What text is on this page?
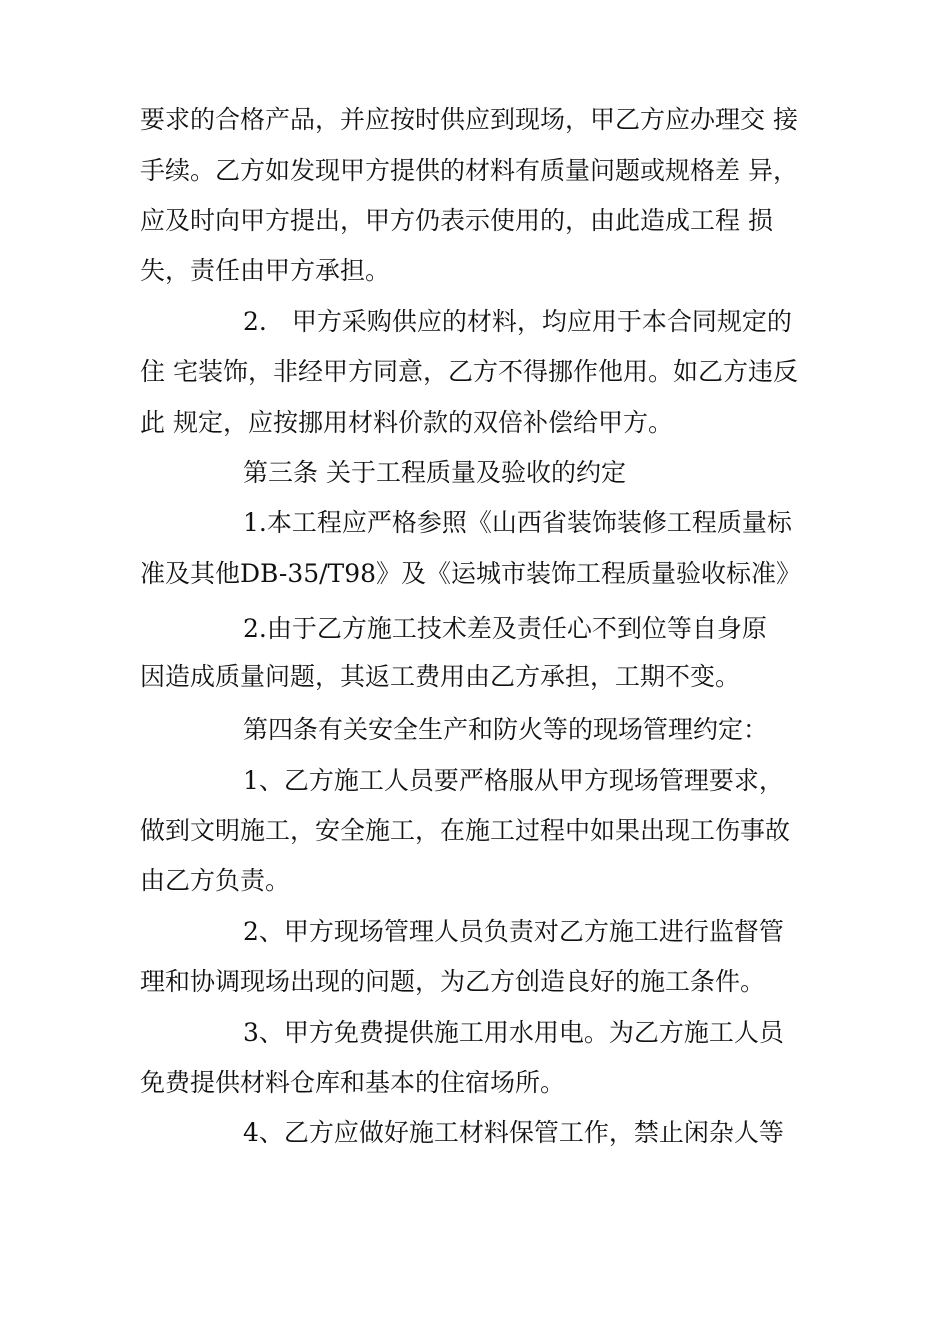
要求的合格产品，并应按时供应到现场，甲乙方应办理交 接
手续。乙方如发现甲方提供的材料有质量问题或规格差 异，
应及时向甲方提出，甲方仍表示使用的，由此造成工程 损
失，责任由甲方承担。
2.　甲方采购供应的材料，均应用于本合同规定的
住 宅装饰，非经甲方同意，乙方不得挪作他用。如乙方违反
此 规定，应按挪用材料价款的双倍补偿给甲方。
第三条 关于工程质量及验收的约定
1.本工程应严格参照《山西省装饰装修工程质量标
准及其他DB-35/T98》及《运城市装饰工程质量验收标准》
2.由于乙方施工技术差及责任心不到位等自身原
因造成质量问题，其返工费用由乙方承担，工期不变。
第四条有关安全生产和防火等的现场管理约定：
1、乙方施工人员要严格服从甲方现场管理要求，
做到文明施工，安全施工，在施工过程中如果出现工伤事故
由乙方负责。
2、甲方现场管理人员负责对乙方施工进行监督管
理和协调现场出现的问题，为乙方创造良好的施工条件。
3、甲方免费提供施工用水用电。为乙方施工人员
免费提供材料仓库和基本的住宿场所。
4、乙方应做好施工材料保管工作，禁止闲杂人等
